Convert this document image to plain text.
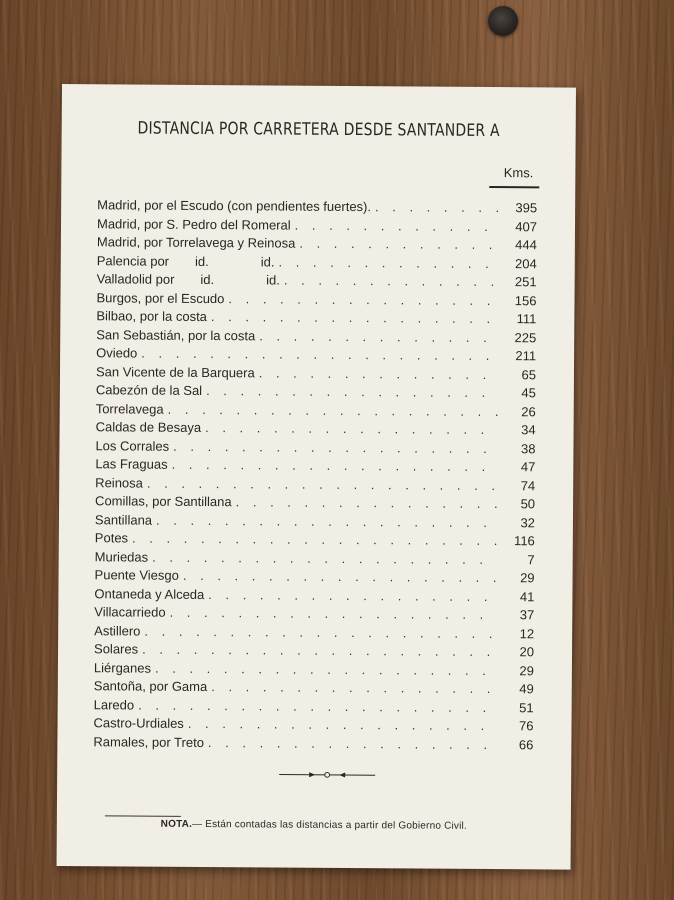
DISTANCIA POR CARRETERA DESDE SANTANDER A
Kms.
Madrid, por el Escudo (con pendientes fuertes). . . .	395
Madrid, por S. Pedro del Romeral . . .	407
Madrid, por Torrelavega y Reinosa . . .	444
Palencia por  id.    id. . . .	204
Valladolid por  id.    id. . . .	251
Burgos, por el Escudo . . .	156
Bilbao, por la costa . . .	111
San Sebastián, por la costa . . .	225
Oviedo . . .	211
San Vicente de la Barquera . . .	65
Cabezón de la Sal . . .	45
Torrelavega . . .	26
Caldas de Besaya . . .	34
Los Corrales . . .	38
Las Fraguas . . .	47
Reinosa . . .	74
Comillas, por Santillana . . .	50
Santillana . . .	32
Potes . . .	116
Muriedas . . .	7
Puente Viesgo . . .	29
Ontaneda y Alceda . . .	41
Villacarriedo . . .	37
Astillero . . .	12
Solares . . .	20
Liérganes . . .	29
Santoña, por Gama . . .	49
Laredo . . .	51
Castro-Urdiales . . .	76
Ramales, por Treto . . .	66
NOTA.— Están contadas las distancias a partir del Gobierno Civil.
